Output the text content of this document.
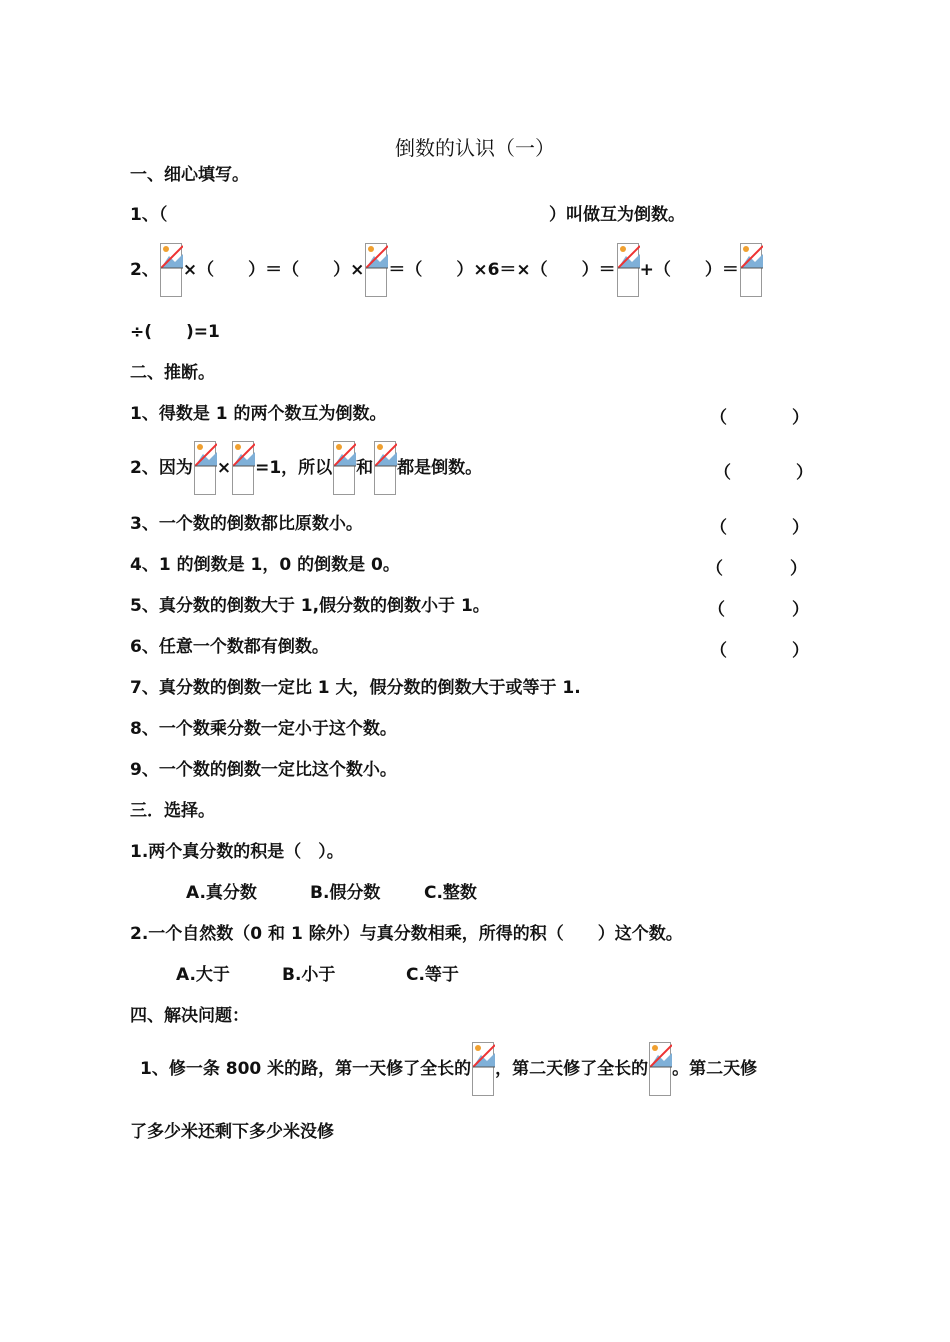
倒数的认识（一）
一、细心填写。
1、（	）叫做互为倒数。
2、 ×（　　）＝（　　）× ＝（　　）×6＝×（　　）＝ +（　　）＝
÷(　　)=1
二、推断。
1、得数是 1 的两个数互为倒数。	（	）
2、因为 × =1，所以 和 都是倒数。	（	）
3、一个数的倒数都比原数小。	（	）
4、1 的倒数是 1，0 的倒数是 0。	（	）
5、真分数的倒数大于 1,假分数的倒数小于 1。	（	）
6、任意一个数都有倒数。	（	）
7、真分数的倒数一定比 1 大，假分数的倒数大于或等于 1.
8、一个数乘分数一定小于这个数。
9、一个数的倒数一定比这个数小。
三．选择。
1.两个真分数的积是（　）。
A.真分数	B.假分数	C.整数
2.一个自然数（0 和 1 除外）与真分数相乘，所得的积（　　）这个数。
A.大于	B.小于	C.等于
四、解决问题：
1、修一条 800 米的路，第一天修了全长的 ，第二天修了全长的 。第二天修
了多少米还剩下多少米没修
